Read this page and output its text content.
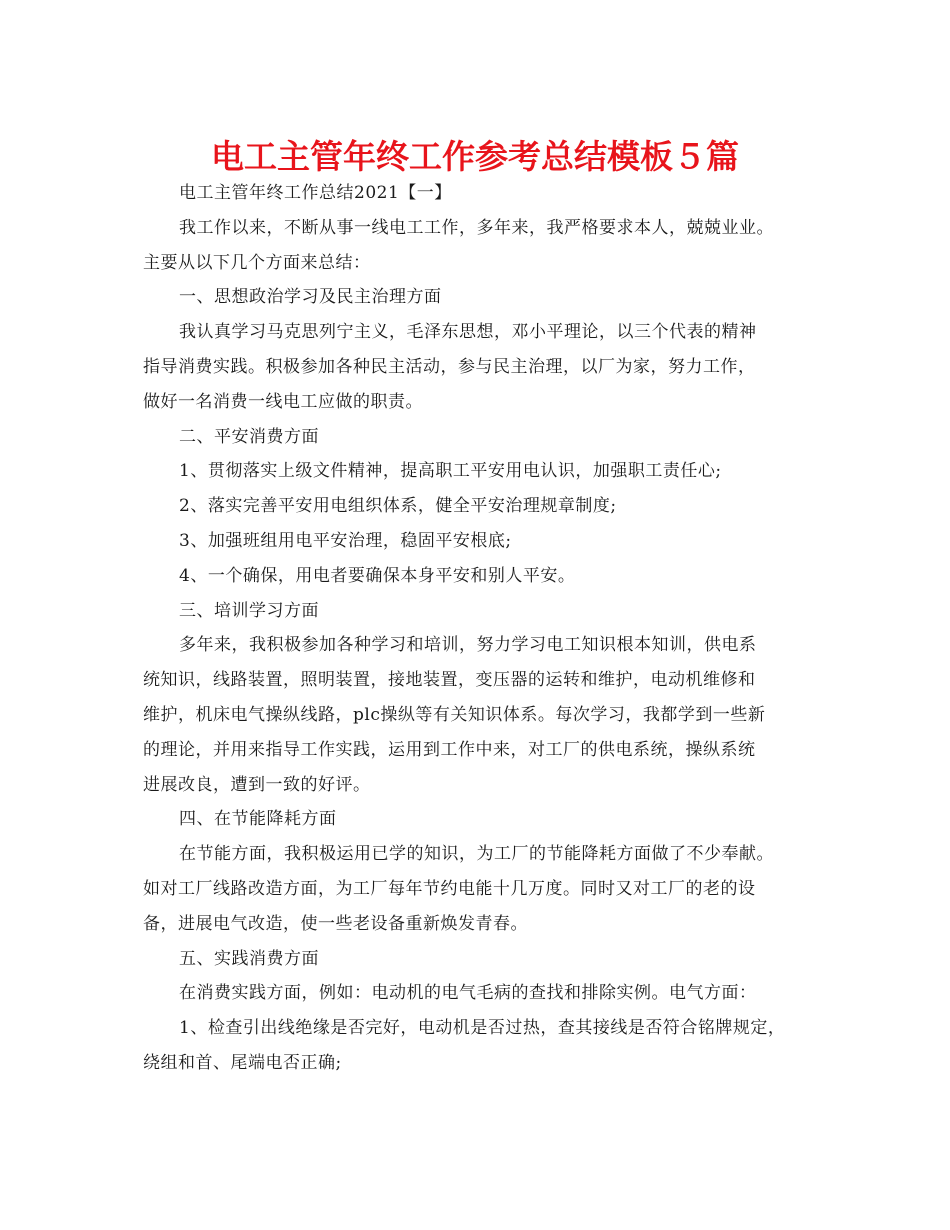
电工主管年终工作参考总结模板５篇

电工主管年终工作总结2021【一】

我工作以来，不断从事一线电工工作，多年来，我严格要求本人，兢兢业业。

主要从以下几个方面来总结：

一、思想政治学习及民主治理方面

我认真学习马克思列宁主义，毛泽东思想，邓小平理论，以三个代表的精神

指导消费实践。积极参加各种民主活动，参与民主治理，以厂为家，努力工作，

做好一名消费一线电工应做的职责。

二、平安消费方面

1、贯彻落实上级文件精神，提高职工平安用电认识，加强职工责任心;

2、落实完善平安用电组织体系，健全平安治理规章制度;

3、加强班组用电平安治理，稳固平安根底;

4、一个确保，用电者要确保本身平安和别人平安。

三、培训学习方面

多年来，我积极参加各种学习和培训，努力学习电工知识根本知训，供电系

统知识，线路装置，照明装置，接地装置，变压器的运转和维护，电动机维修和

维护，机床电气操纵线路，plc操纵等有关知识体系。每次学习，我都学到一些新

的理论，并用来指导工作实践，运用到工作中来，对工厂的供电系统，操纵系统

进展改良，遭到一致的好评。

四、在节能降耗方面

在节能方面，我积极运用已学的知识，为工厂的节能降耗方面做了不少奉献。

如对工厂线路改造方面，为工厂每年节约电能十几万度。同时又对工厂的老的设

备，进展电气改造，使一些老设备重新焕发青春。

五、实践消费方面

在消费实践方面，例如：电动机的电气毛病的查找和排除实例。电气方面：

1、检查引出线绝缘是否完好，电动机是否过热，查其接线是否符合铭牌规定，

绕组和首、尾端电否正确;
